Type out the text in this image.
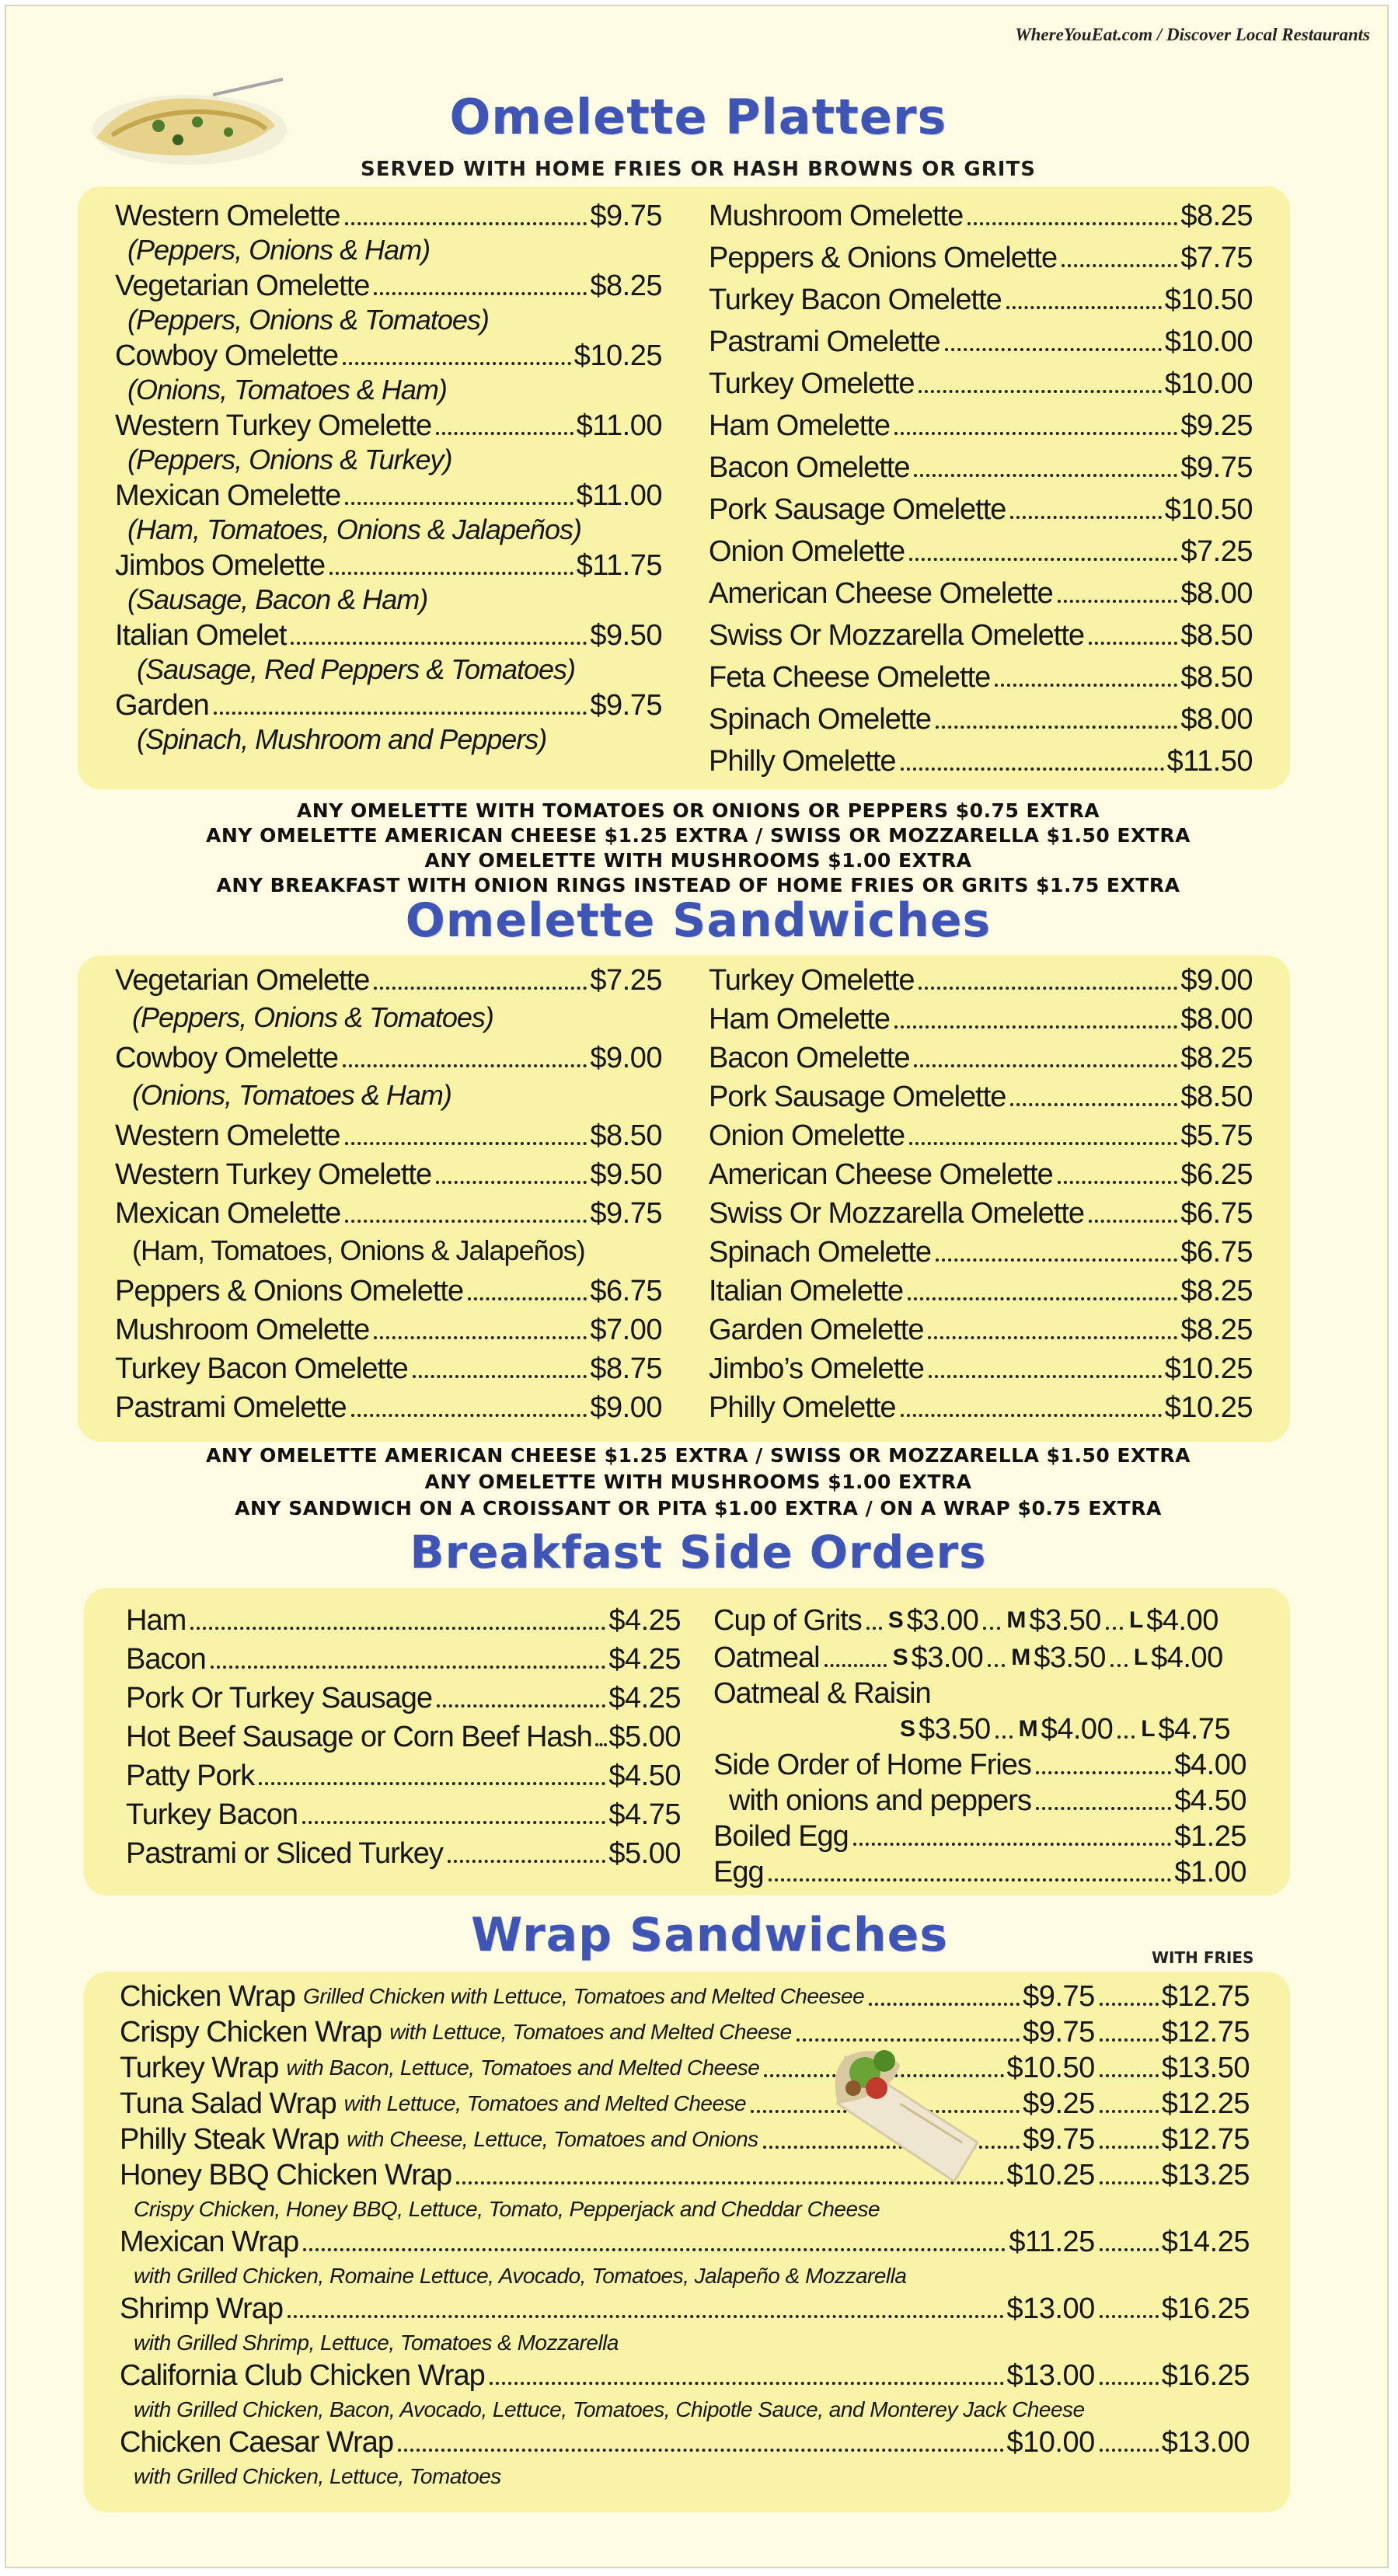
WhereYouEat.com / Discover Local Restaurants
Omelette Platters
SERVED WITH HOME FRIES OR HASH BROWNS OR GRITS
Western Omelette	$9.75
(Peppers, Onions & Ham)
Vegetarian Omelette	$8.25
(Peppers, Onions & Tomatoes)
Cowboy Omelette	$10.25
(Onions, Tomatoes & Ham)
Western Turkey Omelette	$11.00
(Peppers, Onions & Turkey)
Mexican Omelette	$11.00
(Ham, Tomatoes, Onions & Jalapeños)
Jimbos Omelette	$11.75
(Sausage, Bacon & Ham)
Italian Omelet	$9.50
(Sausage, Red Peppers & Tomatoes)
Garden	$9.75
(Spinach, Mushroom and Peppers)
Mushroom Omelette	$8.25
Peppers & Onions Omelette	$7.75
Turkey Bacon Omelette	$10.50
Pastrami Omelette	$10.00
Turkey Omelette	$10.00
Ham Omelette	$9.25
Bacon Omelette	$9.75
Pork Sausage Omelette	$10.50
Onion Omelette	$7.25
American Cheese Omelette	$8.00
Swiss Or Mozzarella Omelette	$8.50
Feta Cheese Omelette	$8.50
Spinach Omelette	$8.00
Philly Omelette	$11.50
ANY OMELETTE WITH TOMATOES OR ONIONS OR PEPPERS $0.75 EXTRA
ANY OMELETTE AMERICAN CHEESE $1.25 EXTRA / SWISS OR MOZZARELLA $1.50 EXTRA
ANY OMELETTE WITH MUSHROOMS $1.00 EXTRA
ANY BREAKFAST WITH ONION RINGS INSTEAD OF HOME FRIES OR GRITS $1.75 EXTRA
Omelette Sandwiches
Vegetarian Omelette	$7.25
(Peppers, Onions & Tomatoes)
Cowboy Omelette	$9.00
(Onions, Tomatoes & Ham)
Western Omelette	$8.50
Western Turkey Omelette	$9.50
Mexican Omelette	$9.75
(Ham, Tomatoes, Onions & Jalapeños)
Peppers & Onions Omelette	$6.75
Mushroom Omelette	$7.00
Turkey Bacon Omelette	$8.75
Pastrami Omelette	$9.00
Turkey Omelette	$9.00
Ham Omelette	$8.00
Bacon Omelette	$8.25
Pork Sausage Omelette	$8.50
Onion Omelette	$5.75
American Cheese Omelette	$6.25
Swiss Or Mozzarella Omelette	$6.75
Spinach Omelette	$6.75
Italian Omelette	$8.25
Garden Omelette	$8.25
Jimbo’s Omelette	$10.25
Philly Omelette	$10.25
ANY OMELETTE AMERICAN CHEESE $1.25 EXTRA / SWISS OR MOZZARELLA $1.50 EXTRA
ANY OMELETTE WITH MUSHROOMS $1.00 EXTRA
ANY SANDWICH ON A CROISSANT OR PITA $1.00 EXTRA / ON A WRAP $0.75 EXTRA
Breakfast Side Orders
Ham	$4.25
Bacon	$4.25
Pork Or Turkey Sausage	$4.25
Hot Beef Sausage or Corn Beef Hash $5.00
Patty Pork	$4.50
Turkey Bacon	$4.75
Pastrami or Sliced Turkey	$5.00
Cup of Grits S $3.00 M $3.50 L $4.00
Oatmeal	S $3.00 M $3.50 L $4.00
Oatmeal & Raisin
S $3.50 M $4.00 L $4.75
Side Order of Home Fries	$4.00
with onions and peppers	$4.50
Boiled Egg	$1.25
Egg	$1.00
Wrap Sandwiches	WITH FRIES
Chicken Wrap Grilled Chicken with Lettuce, Tomatoes and Melted Cheesee	$9.75 $12.75
Crispy Chicken Wrap with Lettuce, Tomatoes and Melted Cheese	$9.75 $12.75
Turkey Wrap with Bacon, Lettuce, Tomatoes and Melted Cheese	$10.50 $13.50
Tuna Salad Wrap with Lettuce, Tomatoes and Melted Cheese	$9.25 $12.25
Philly Steak Wrap with Cheese, Lettuce, Tomatoes and Onions	$9.75 $12.75
Honey BBQ Chicken Wrap	$10.25 $13.25
Crispy Chicken, Honey BBQ, Lettuce, Tomato, Pepperjack and Cheddar Cheese
Mexican Wrap	$11.25 $14.25
with Grilled Chicken, Romaine Lettuce, Avocado, Tomatoes, Jalapeño & Mozzarella
Shrimp Wrap	$13.00 $16.25
with Grilled Shrimp, Lettuce, Tomatoes & Mozzarella
California Club Chicken Wrap	$13.00 $16.25
with Grilled Chicken, Bacon, Avocado, Lettuce, Tomatoes, Chipotle Sauce, and Monterey Jack Cheese
Chicken Caesar Wrap	$10.00 $13.00
with Grilled Chicken, Lettuce, Tomatoes
